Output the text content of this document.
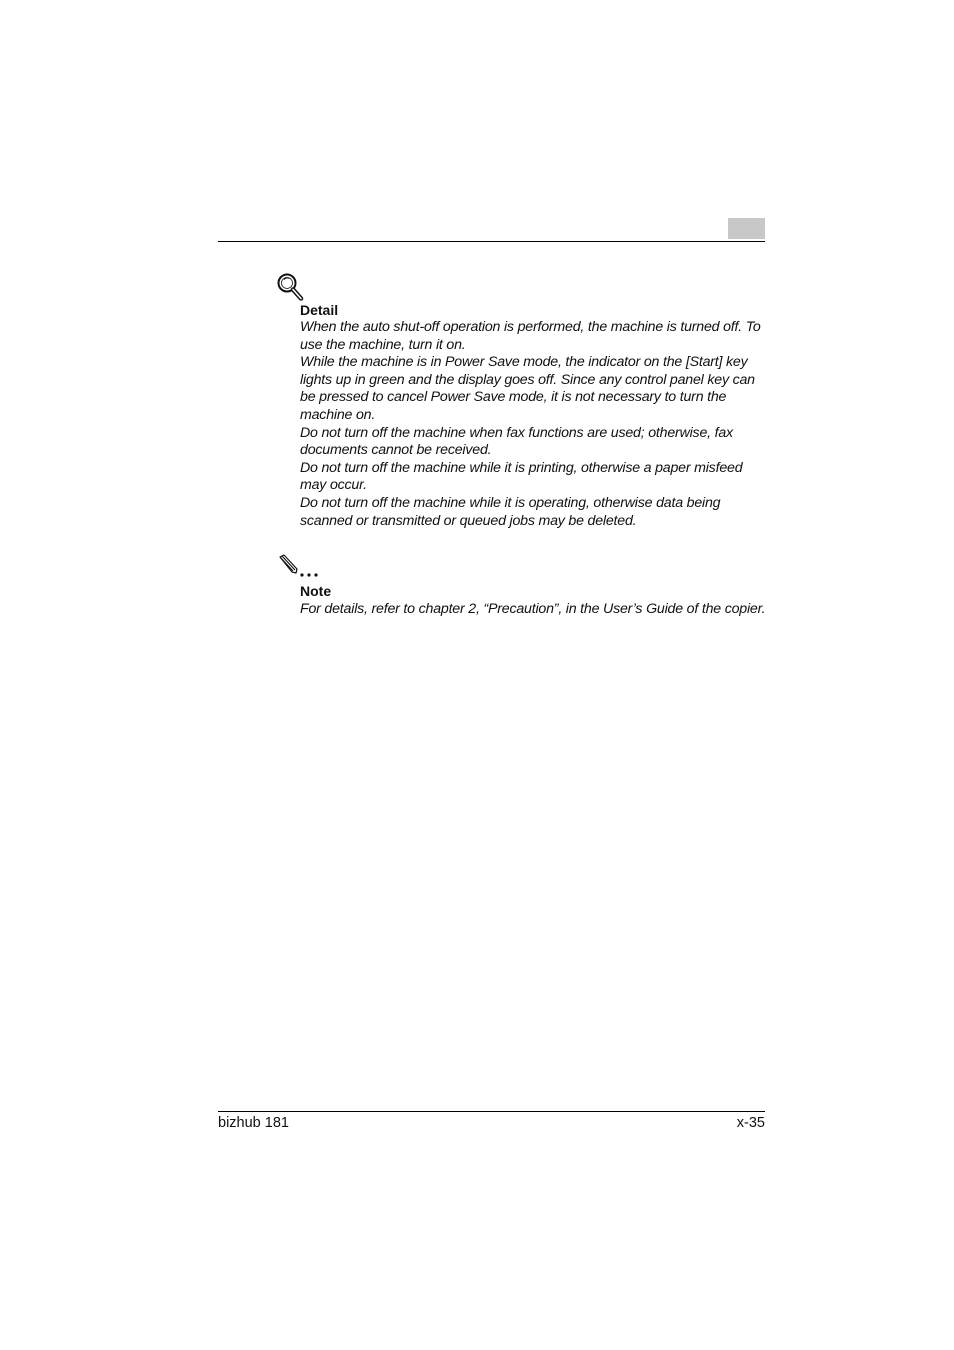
Detail

When the auto shut-off operation is performed, the machine is turned off. To use the machine, turn it on.

While the machine is in Power Save mode, the indicator on the [Start] key lights up in green and the display goes off. Since any control panel key can be pressed to cancel Power Save mode, it is not necessary to turn the machine on.

Do not turn off the machine when fax functions are used; otherwise, fax documents cannot be received.

Do not turn off the machine while it is printing, otherwise a paper misfeed may occur.

Do not turn off the machine while it is operating, otherwise data being scanned or transmitted or queued jobs may be deleted.

Note

For details, refer to chapter 2, “Precaution”, in the User’s Guide of the copier.

bizhub 181	x-35
